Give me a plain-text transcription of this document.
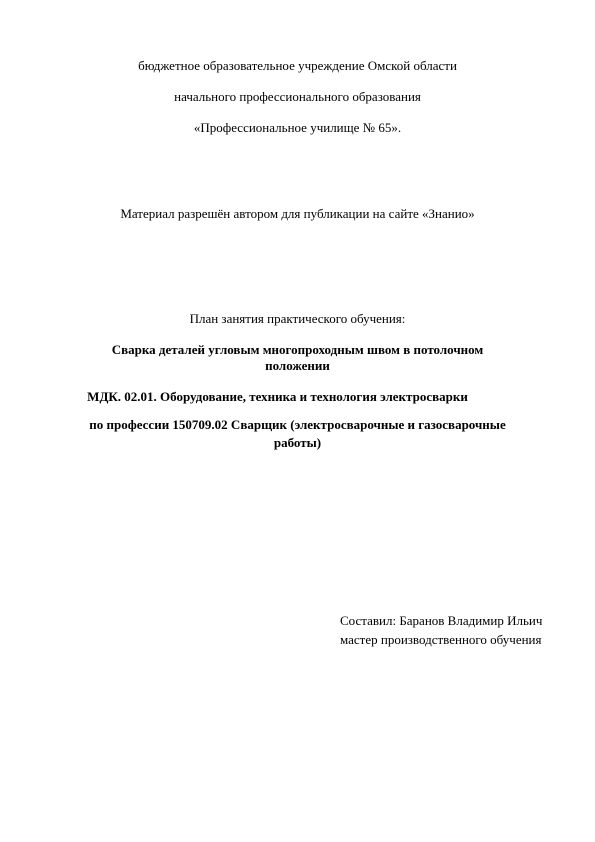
бюджетное образовательное учреждение Омской области
начального профессионального образования
«Профессиональное училище № 65».
Материал разрешён автором для публикации на сайте «Знанио»
План занятия практического обучения:
Сварка деталей угловым многопроходным швом в потолочном
положении
МДК. 02.01. Оборудование, техника и технология электросварки
по профессии 150709.02 Сварщик (электросварочные и газосварочные
работы)
Составил: Баранов Владимир Ильич
мастер производственного обучения
